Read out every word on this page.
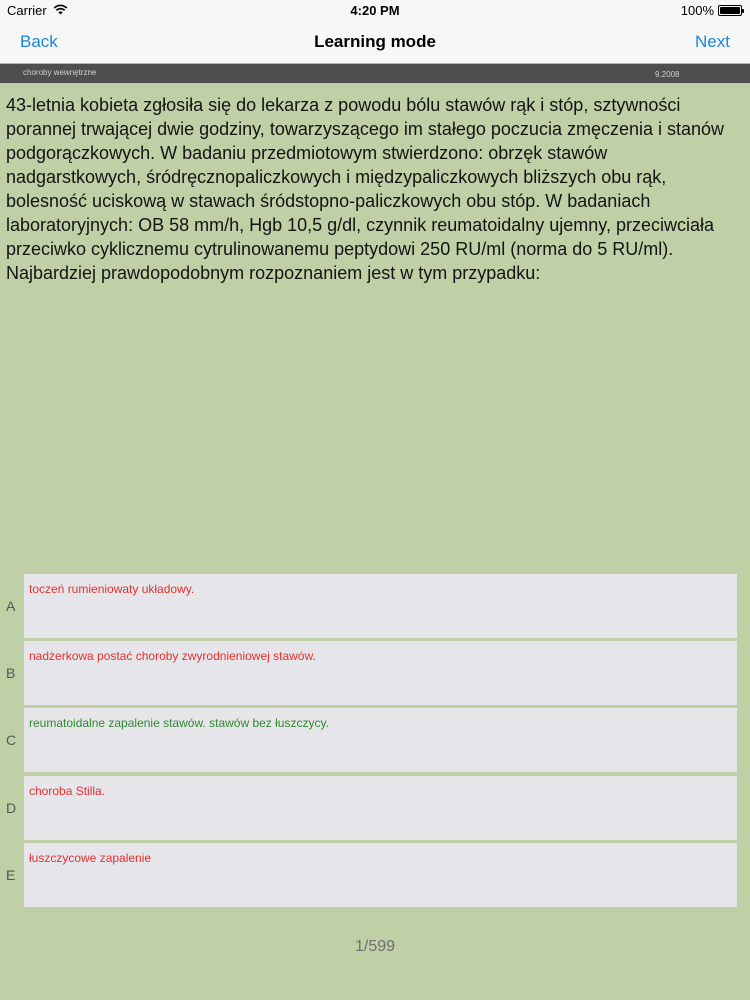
Carrier	4:20 PM	100%
Back	Learning mode	Next
choroby wewnętrzne	9.2008
43-letnia kobieta zgłosiła się do lekarza z powodu bólu stawów rąk i stóp, sztywności porannej trwającej dwie godziny, towarzyszącego im stałego poczucia zmęczenia i stanów podgorączkowych. W badaniu przedmiotowym stwierdzono: obrzęk stawów nadgarstkowych, śródręcznopaliczkowych i międzypaliczkowych bliższych obu rąk, bolesność uciskową w stawach śródstopno-paliczkowych obu stóp. W badaniach laboratoryjnych: OB 58 mm/h, Hgb 10,5 g/dl, czynnik reumatoidalny ujemny, przeciwciała przeciwko cyklicznemu cytrulinowanemu peptydowi 250 RU/ml (norma do 5 RU/ml). Najbardziej prawdopodobnym rozpoznaniem jest w tym przypadku:
A
toczeń rumieniowaty układowy.
B
nadżerkowa postać choroby zwyrodnieniowej stawów.
C
reumatoidalne zapalenie stawów. stawów bez łuszczycy.
D
choroba Stilla.
E
łuszczycowe zapalenie
1/599
